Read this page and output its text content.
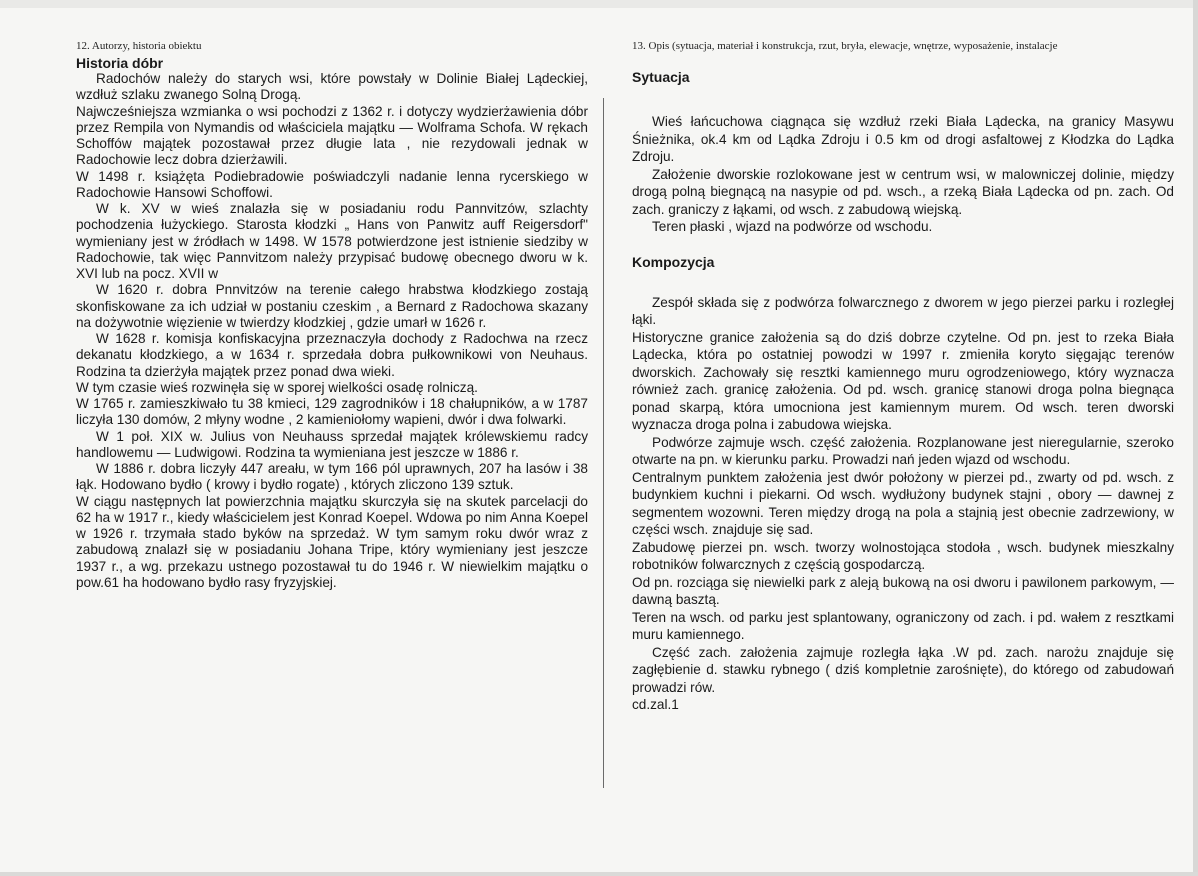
12. Autorzy, historia obiektu

Historia dóbr

Radochów należy do starych wsi, które powstały w Dolinie Białej Lądeckiej, wzdłuż szlaku zwanego Solną Drogą.

Najwcześniejsza wzmianka o wsi pochodzi z 1362 r. i dotyczy wydzierżawienia dóbr przez Rempila von Nymandis od właściciela majątku — Wolframa Schofa. W rękach Schoffów majątek pozostawał przez długie lata , nie rezydowali jednak w Radochowie lecz dobra dzierżawili.

W 1498 r. książęta Podiebradowie poświadczyli nadanie lenna rycerskiego w Radochowie Hansowi Schoffowi.

W k. XV w wieś znalazła się w posiadaniu rodu Pannvitzów, szlachty pochodzenia łużyckiego. Starosta kłodzki „ Hans von Panwitz auff Reigersdorf" wymieniany jest w źródłach w 1498. W 1578 potwierdzone jest istnienie siedziby w Radochowie, tak więc Pannvitzom należy przypisać budowę obecnego dworu w k. XVI lub na pocz. XVII w

W 1620 r. dobra Pnnvitzów na terenie całego hrabstwa kłodzkiego zostają skonfiskowane za ich udział w postaniu czeskim , a Bernard z Radochowa skazany na dożywotnie więzienie w twierdzy kłodzkiej , gdzie umarł w 1626 r.

W 1628 r. komisja konfiskacyjna przeznaczyła dochody z Radochwa na rzecz dekanatu kłodzkiego, a w 1634 r. sprzedała dobra pułkownikowi von Neuhaus. Rodzina ta dzierżyła majątek przez ponad dwa wieki.

W tym czasie wieś rozwinęła się w sporej wielkości osadę rolniczą.

W 1765 r. zamieszkiwało tu 38 kmieci, 129 zagrodników i 18 chałupników, a w 1787 liczyła 130 domów, 2 młyny wodne , 2 kamieniołomy wapieni, dwór i dwa folwarki.

W 1 poł. XIX w. Julius von Neuhauss sprzedał majątek królewskiemu radcy handlowemu — Ludwigowi. Rodzina ta wymieniana jest jeszcze w 1886 r.

W 1886 r. dobra liczyły 447 areału, w tym 166 pól uprawnych, 207 ha lasów i 38 łąk. Hodowano bydło ( krowy i bydło rogate) , których zliczono 139 sztuk.

W ciągu następnych lat powierzchnia majątku skurczyła się na skutek parcelacji do 62 ha w 1917 r., kiedy właścicielem jest Konrad Koepel. Wdowa po nim Anna Koepel w 1926 r. trzymała stado byków na sprzedaż. W tym samym roku dwór wraz z zabudową znalazł się w posiadaniu Johana Tripe, który wymieniany jest jeszcze 1937 r., a wg. przekazu ustnego pozostawał tu do 1946 r. W niewielkim majątku o pow.61 ha hodowano bydło rasy fryzyjskiej.

13. Opis (sytuacja, materiał i konstrukcja, rzut, bryła, elewacje, wnętrze, wyposażenie, instalacje

Sytuacja

Wieś łańcuchowa ciągnąca się wzdłuż rzeki Biała Lądecka, na granicy Masywu Śnieżnika, ok.4 km od Lądka Zdroju i 0.5 km od drogi asfaltowej z Kłodzka do Lądka Zdroju.

Założenie dworskie rozlokowane jest w centrum wsi, w malowniczej dolinie, między drogą polną biegnącą na nasypie od pd. wsch., a rzeką Biała Lądecka od pn. zach. Od zach. graniczy z łąkami, od wsch. z zabudową wiejską.

Teren płaski , wjazd na podwórze od wschodu.

Kompozycja

Zespół składa się z podwórza folwarcznego z dworem w jego pierzei parku i rozległej łąki.

Historyczne granice założenia są do dziś dobrze czytelne. Od pn. jest to rzeka Biała Lądecka, która po ostatniej powodzi w 1997 r. zmieniła koryto sięgając terenów dworskich. Zachowały się resztki kamiennego muru ogrodzeniowego, który wyznacza również zach. granicę założenia. Od pd. wsch. granicę stanowi droga polna biegnąca ponad skarpą, która umocniona jest kamiennym murem. Od wsch. teren dworski wyznacza droga polna i zabudowa wiejska.

Podwórze zajmuje wsch. część założenia. Rozplanowane jest nieregularnie, szeroko otwarte na pn. w kierunku parku. Prowadzi nań jeden wjazd od wschodu.

Centralnym punktem założenia jest dwór położony w pierzei pd., zwarty od pd. wsch. z budynkiem kuchni i piekarni. Od wsch. wydłużony budynek stajni , obory — dawnej z segmentem wozowni. Teren między drogą na pola a stajnią jest obecnie zadrzewiony, w części wsch. znajduje się sad.

Zabudowę pierzei pn. wsch. tworzy wolnostojąca stodoła , wsch. budynek mieszkalny robotników folwarcznych z częścią gospodarczą.

Od pn. rozciąga się niewielki park z aleją bukową na osi dworu i pawilonem parkowym, — dawną basztą.

Teren na wsch. od parku jest splantowany, ograniczony od zach. i pd. wałem z resztkami muru kamiennego.

Część zach. założenia zajmuje rozległa łąka .W pd. zach. narożu znajduje się zagłębienie d. stawku rybnego ( dziś kompletnie zarośnięte), do którego od zabudowań prowadzi rów.

cd.zal.1
